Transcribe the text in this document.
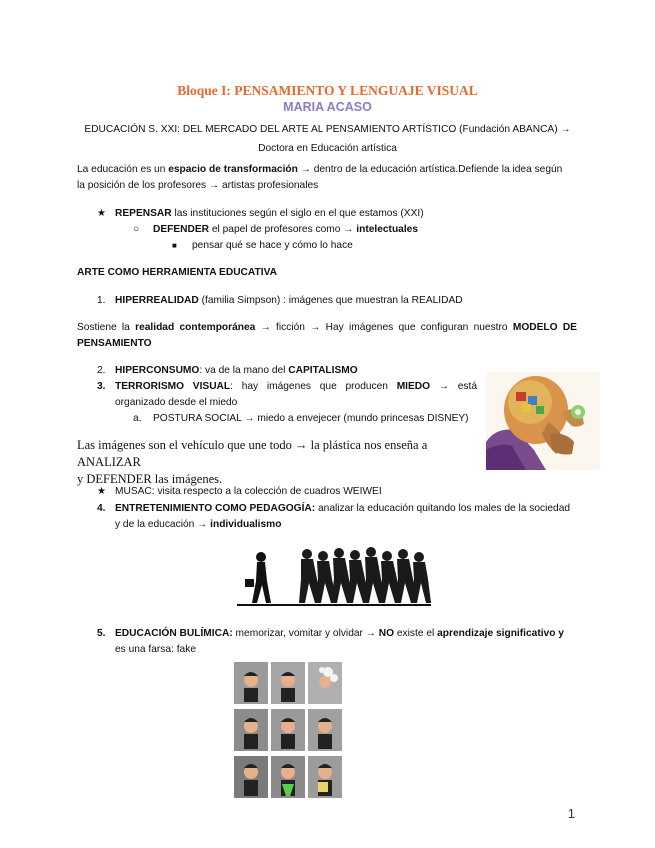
Bloque I: PENSAMIENTO Y LENGUAJE VISUAL
MARIA ACASO
EDUCACIÓN S. XXI: DEL MERCADO DEL ARTE AL PENSAMIENTO ARTÍSTICO (Fundación ABANCA) →
Doctora en Educación artística
La educación es un espacio de transformación → dentro de la educación artística.Defiende la idea según
la posición de los profesores → artistas profesionales
★ REPENSAR las instituciones según el siglo en el que estamos (XXI)
○ DEFENDER el papel de profesores como → intelectuales
■ pensar qué se hace y cómo lo hace
ARTE COMO HERRAMIENTA EDUCATIVA
1. HIPERREALIDAD (familia Simpson) : imágenes que muestran la REALIDAD
Sostiene la realidad contemporánea → ficción → Hay imágenes que configuran nuestro MODELO DE
PENSAMIENTO
2. HIPERCONSUMO: va de la mano del CAPITALISMO
3. TERRORISMO VISUAL: hay imágenes que producen MIEDO → está
organizado desde el miedo
a. POSTURA SOCIAL → miedo a envejecer (mundo princesas DISNEY)
Las imágenes son el vehículo que une todo → la plástica nos enseña a ANALIZAR
y DEFENDER las imágenes.
★ MUSAC: visita respecto a la colección de cuadros WEIWEI
4. ENTRETENIMIENTO COMO PEDAGOGÍA: analizar la educación quitando los males de la sociedad
y de la educación → individualismo
5. EDUCACIÓN BULÍMICA: memorizar, vomitar y olvidar → NO existe el aprendizaje significativo y
es una farsa: fake
1
